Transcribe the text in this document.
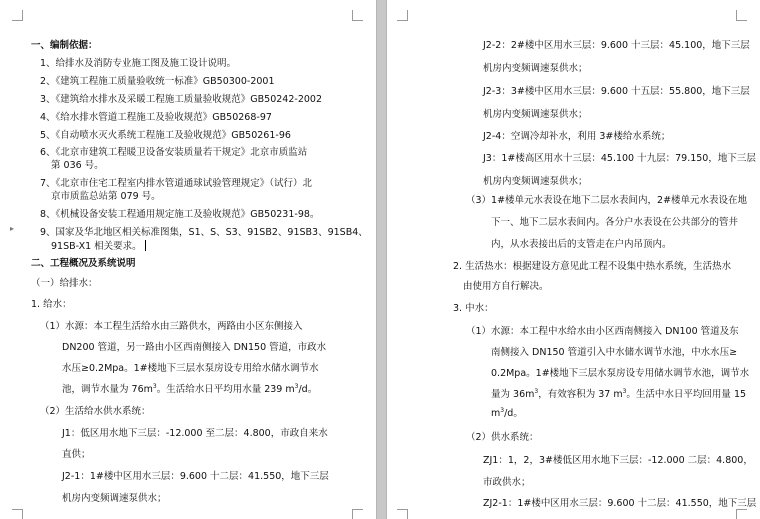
一、编制依据：
1、给排水及消防专业施工图及施工设计说明。
2、《建筑工程施工质量验收统一标准》GB50300-2001
3、《建筑给水排水及采暖工程施工质量验收规范》GB50242-2002
4、《给水排水管道工程施工及验收规范》GB50268-97
5、《自动喷水灭火系统工程施工及验收规范》GB50261-96
6、《北京市建筑工程暖卫设备安装质量若干规定》北京市质监站
第 036 号。
7、《北京市住宅工程室内排水管道通球试验管理规定》（试行）北
京市质监总站第 079 号。
8、《机械设备安装工程通用规定施工及验收规范》GB50231-98。
▸	9、国家及华北地区相关标准图集，S1、S、S3、91SB2、91SB3、91SB4、
91SB-X1 相关要求。
二、工程概况及系统说明
（一）给排水：
1. 给水：
（1）水源：本工程生活给水由三路供水，两路由小区东侧接入
DN200 管道，另一路由小区西南侧接入 DN150 管道，市政水
水压≥0.2Mpa。1#楼地下三层水泵房设专用给水储水调节水
池，调节水量为 $76m^3$。生活给水日平均用水量 239 $m^3/d$。
（2）生活给水供水系统：
J1：低区用水地下三层：-12.000 至二层：4.800，市政自来水
直供；
J2-1：1#楼中区用水三层：9.600 十二层：41.550，地下三层
机房内变频调速泵供水；
J2-2：2#楼中区用水三层：9.600 十三层：45.100，地下三层
机房内变频调速泵供水；
J2-3：3#楼中区用水三层：9.600 十五层：55.800，地下三层
机房内变频调速泵供水；
J2-4：空调冷却补水，利用 3#楼给水系统；
J3：1#楼高区用水十三层：45.100 十九层：79.150，地下三层
机房内变频调速泵供水；
（3）1#楼单元水表设在地下二层水表间内，2#楼单元水表设在地
下一、地下二层水表间内。各分户水表设在公共部分的管井
内，从水表接出后的支管走在户内吊顶内。
2. 生活热水：根据建设方意见此工程不设集中热水系统，生活热水
由使用方自行解决。
3. 中水：
（1）水源：本工程中水给水由小区西南侧接入 DN100 管道及东
南侧接入 DN150 管道引入中水储水调节水池，中水水压≥
0.2Mpa。1#楼地下三层水泵房设专用储水调节水池，调节水
量为 $36m^3$，有效容积为 37 $m^3$。生活中水日平均回用量 15
$m^3/d$。
（2）供水系统：
ZJ1：1，2，3#楼低区用水地下三层：-12.000 二层：4.800，
市政供水；
ZJ2-1：1#楼中区用水三层：9.600 十二层：41.550，地下三层
